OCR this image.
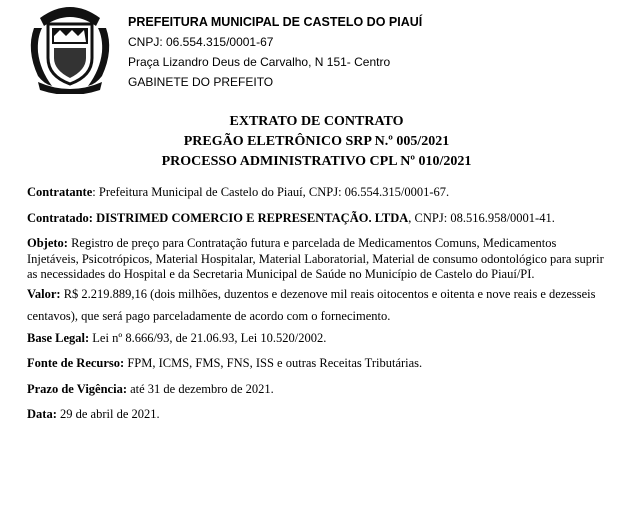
PREFEITURA MUNICIPAL DE CASTELO DO PIAUÍ
CNPJ: 06.554.315/0001-67
Praça Lizandro Deus de Carvalho, N 151- Centro
GABINETE DO PREFEITO
EXTRATO DE CONTRATO
PREGÃO ELETRÔNICO SRP N.º 005/2021
PROCESSO ADMINISTRATIVO CPL Nº 010/2021

Contratante: Prefeitura Municipal de Castelo do Piauí, CNPJ: 06.554.315/0001-67.

Contratado: DISTRIMED COMERCIO E REPRESENTAÇÃO. LTDA, CNPJ: 08.516.958/0001-41.

Objeto: Registro de preço para Contratação futura e parcelada de Medicamentos Comuns, Medicamentos Injetáveis, Psicotrópicos, Material Hospitalar, Material Laboratorial, Material de consumo odontológico para suprir as necessidades do Hospital e da Secretaria Municipal de Saúde no Município de Castelo do Piauí/PI.

Valor: R$ 2.219.889,16 (dois milhões, duzentos e dezenove mil reais oitocentos e oitenta e nove reais e dezesseis centavos), que será pago parceladamente de acordo com o fornecimento.

Base Legal: Lei nº 8.666/93, de 21.06.93, Lei 10.520/2002.

Fonte de Recurso: FPM, ICMS, FMS, FNS, ISS e outras Receitas Tributárias.

Prazo de Vigência: até 31 de dezembro de 2021.

Data: 29 de abril de 2021.
